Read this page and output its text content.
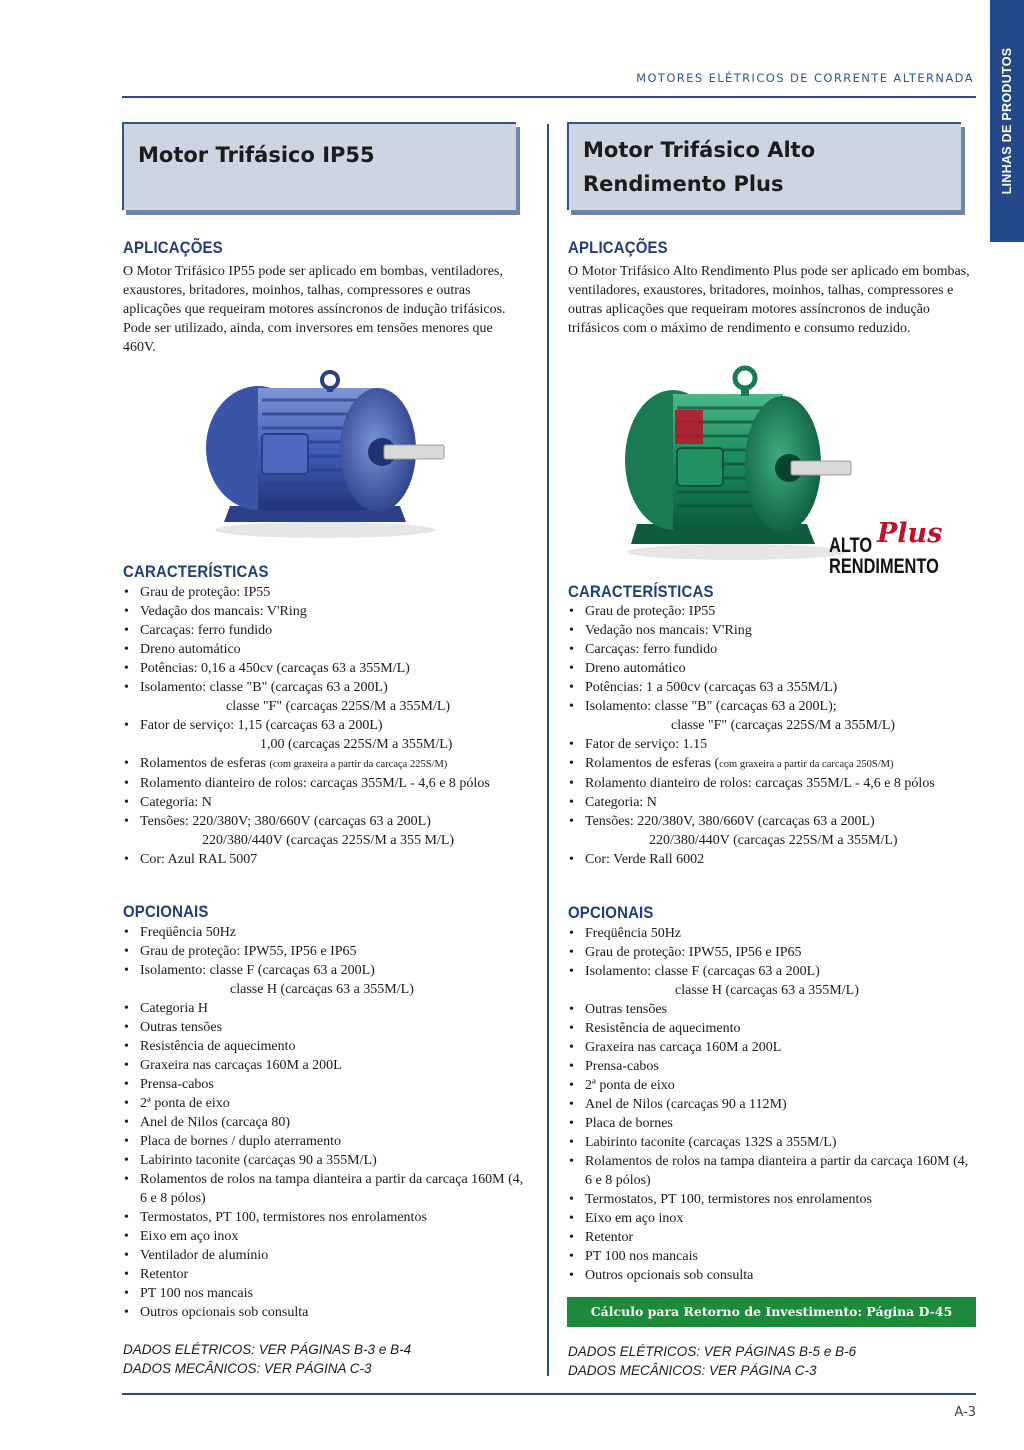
LINHAS DE PRODUTOS
MOTORES ELÉTRICOS DE CORRENTE ALTERNADA
Motor Trifásico IP55
APLICAÇÕES
O Motor Trifásico IP55 pode ser aplicado em bombas, ventiladores, exaustores, britadores, moinhos, talhas, compressores e outras aplicações que requeiram motores assíncronos de indução trifásicos. Pode ser utilizado, ainda, com inversores em tensões menores que 460V.
CARACTERÍSTICAS
• Grau de proteção: IP55
• Vedação dos mancais: V'Ring
• Carcaças: ferro fundido
• Dreno automático
• Potências: 0,16 a 450cv (carcaças 63 a 355M/L)
• Isolamento: classe "B" (carcaças 63 a 200L)
classe "F" (carcaças 225S/M a 355M/L)
• Fator de serviço: 1,15 (carcaças 63 a 200L)
1,00 (carcaças 225S/M a 355M/L)
• Rolamentos de esferas (com graxeira a partir da carcaça 225S/M)
• Rolamento dianteiro de rolos: carcaças 355M/L - 4,6 e 8 pólos
• Categoria: N
• Tensões: 220/380V; 380/660V (carcaças 63 a 200L)
220/380/440V (carcaças 225S/M a 355 M/L)
• Cor: Azul RAL 5007
OPCIONAIS
• Freqüência 50Hz
• Grau de proteção: IPW55, IP56 e IP65
• Isolamento: classe F (carcaças 63 a 200L)
classe H (carcaças 63 a 355M/L)
• Categoria H
• Outras tensões
• Resistência de aquecimento
• Graxeira nas carcaças 160M a 200L
• Prensa-cabos
• 2ª ponta de eixo
• Anel de Nilos (carcaça 80)
• Placa de bornes / duplo aterramento
• Labirinto taconite (carcaças 90 a 355M/L)
• Rolamentos de rolos na tampa dianteira a partir da carcaça 160M (4, 6 e 8 pólos)
• Termostatos, PT 100, termistores nos enrolamentos
• Eixo em aço inox
• Ventilador de alumínio
• Retentor
• PT 100 nos mancais
• Outros opcionais sob consulta
DADOS ELÉTRICOS: VER PÁGINAS B-3 e B-4
DADOS MECÂNICOS: VER PÁGINA C-3
Motor Trifásico Alto
Rendimento Plus
APLICAÇÕES
O Motor Trifásico Alto Rendimento Plus pode ser aplicado em bombas, ventiladores, exaustores, britadores, moinhos, talhas, compressores e outras aplicações que requeiram motores assíncronos de indução trifásicos com o máximo de rendimento e consumo reduzido.
Plus
ALTO
RENDIMENTO
CARACTERÍSTICAS
• Grau de proteção: IP55
• Vedação nos mancais: V'Ring
• Carcaças: ferro fundido
• Dreno automático
• Potências: 1 a 500cv (carcaças 63 a 355M/L)
• Isolamento: classe "B" (carcaças 63 a 200L);
classe "F" (carcaças 225S/M a 355M/L)
• Fator de serviço: 1.15
• Rolamentos de esferas (com graxeira a partir da carcaça 250S/M)
• Rolamento dianteiro de rolos: carcaças 355M/L - 4,6 e 8 pólos
• Categoria: N
• Tensões: 220/380V, 380/660V (carcaças 63 a 200L)
220/380/440V (carcaças 225S/M a 355M/L)
• Cor: Verde Rall 6002
OPCIONAIS
• Freqüência 50Hz
• Grau de proteção: IPW55, IP56 e IP65
• Isolamento: classe F (carcaças 63 a 200L)
classe H (carcaças 63 a 355M/L)
• Outras tensões
• Resistência de aquecimento
• Graxeira nas carcaça 160M a 200L
• Prensa-cabos
• 2ª ponta de eixo
• Anel de Nilos (carcaças 90 a 112M)
• Placa de bornes
• Labirinto taconite (carcaças 132S a 355M/L)
• Rolamentos de rolos na tampa dianteira a partir da carcaça 160M (4, 6 e 8 pólos)
• Termostatos, PT 100, termistores nos enrolamentos
• Eixo em aço inox
• Retentor
• PT 100 nos mancais
• Outros opcionais sob consulta
Cálculo para Retorno de Investimento: Página D-45
DADOS ELÉTRICOS: VER PÁGINAS B-5 e B-6
DADOS MECÂNICOS: VER PÁGINA C-3
A-3
